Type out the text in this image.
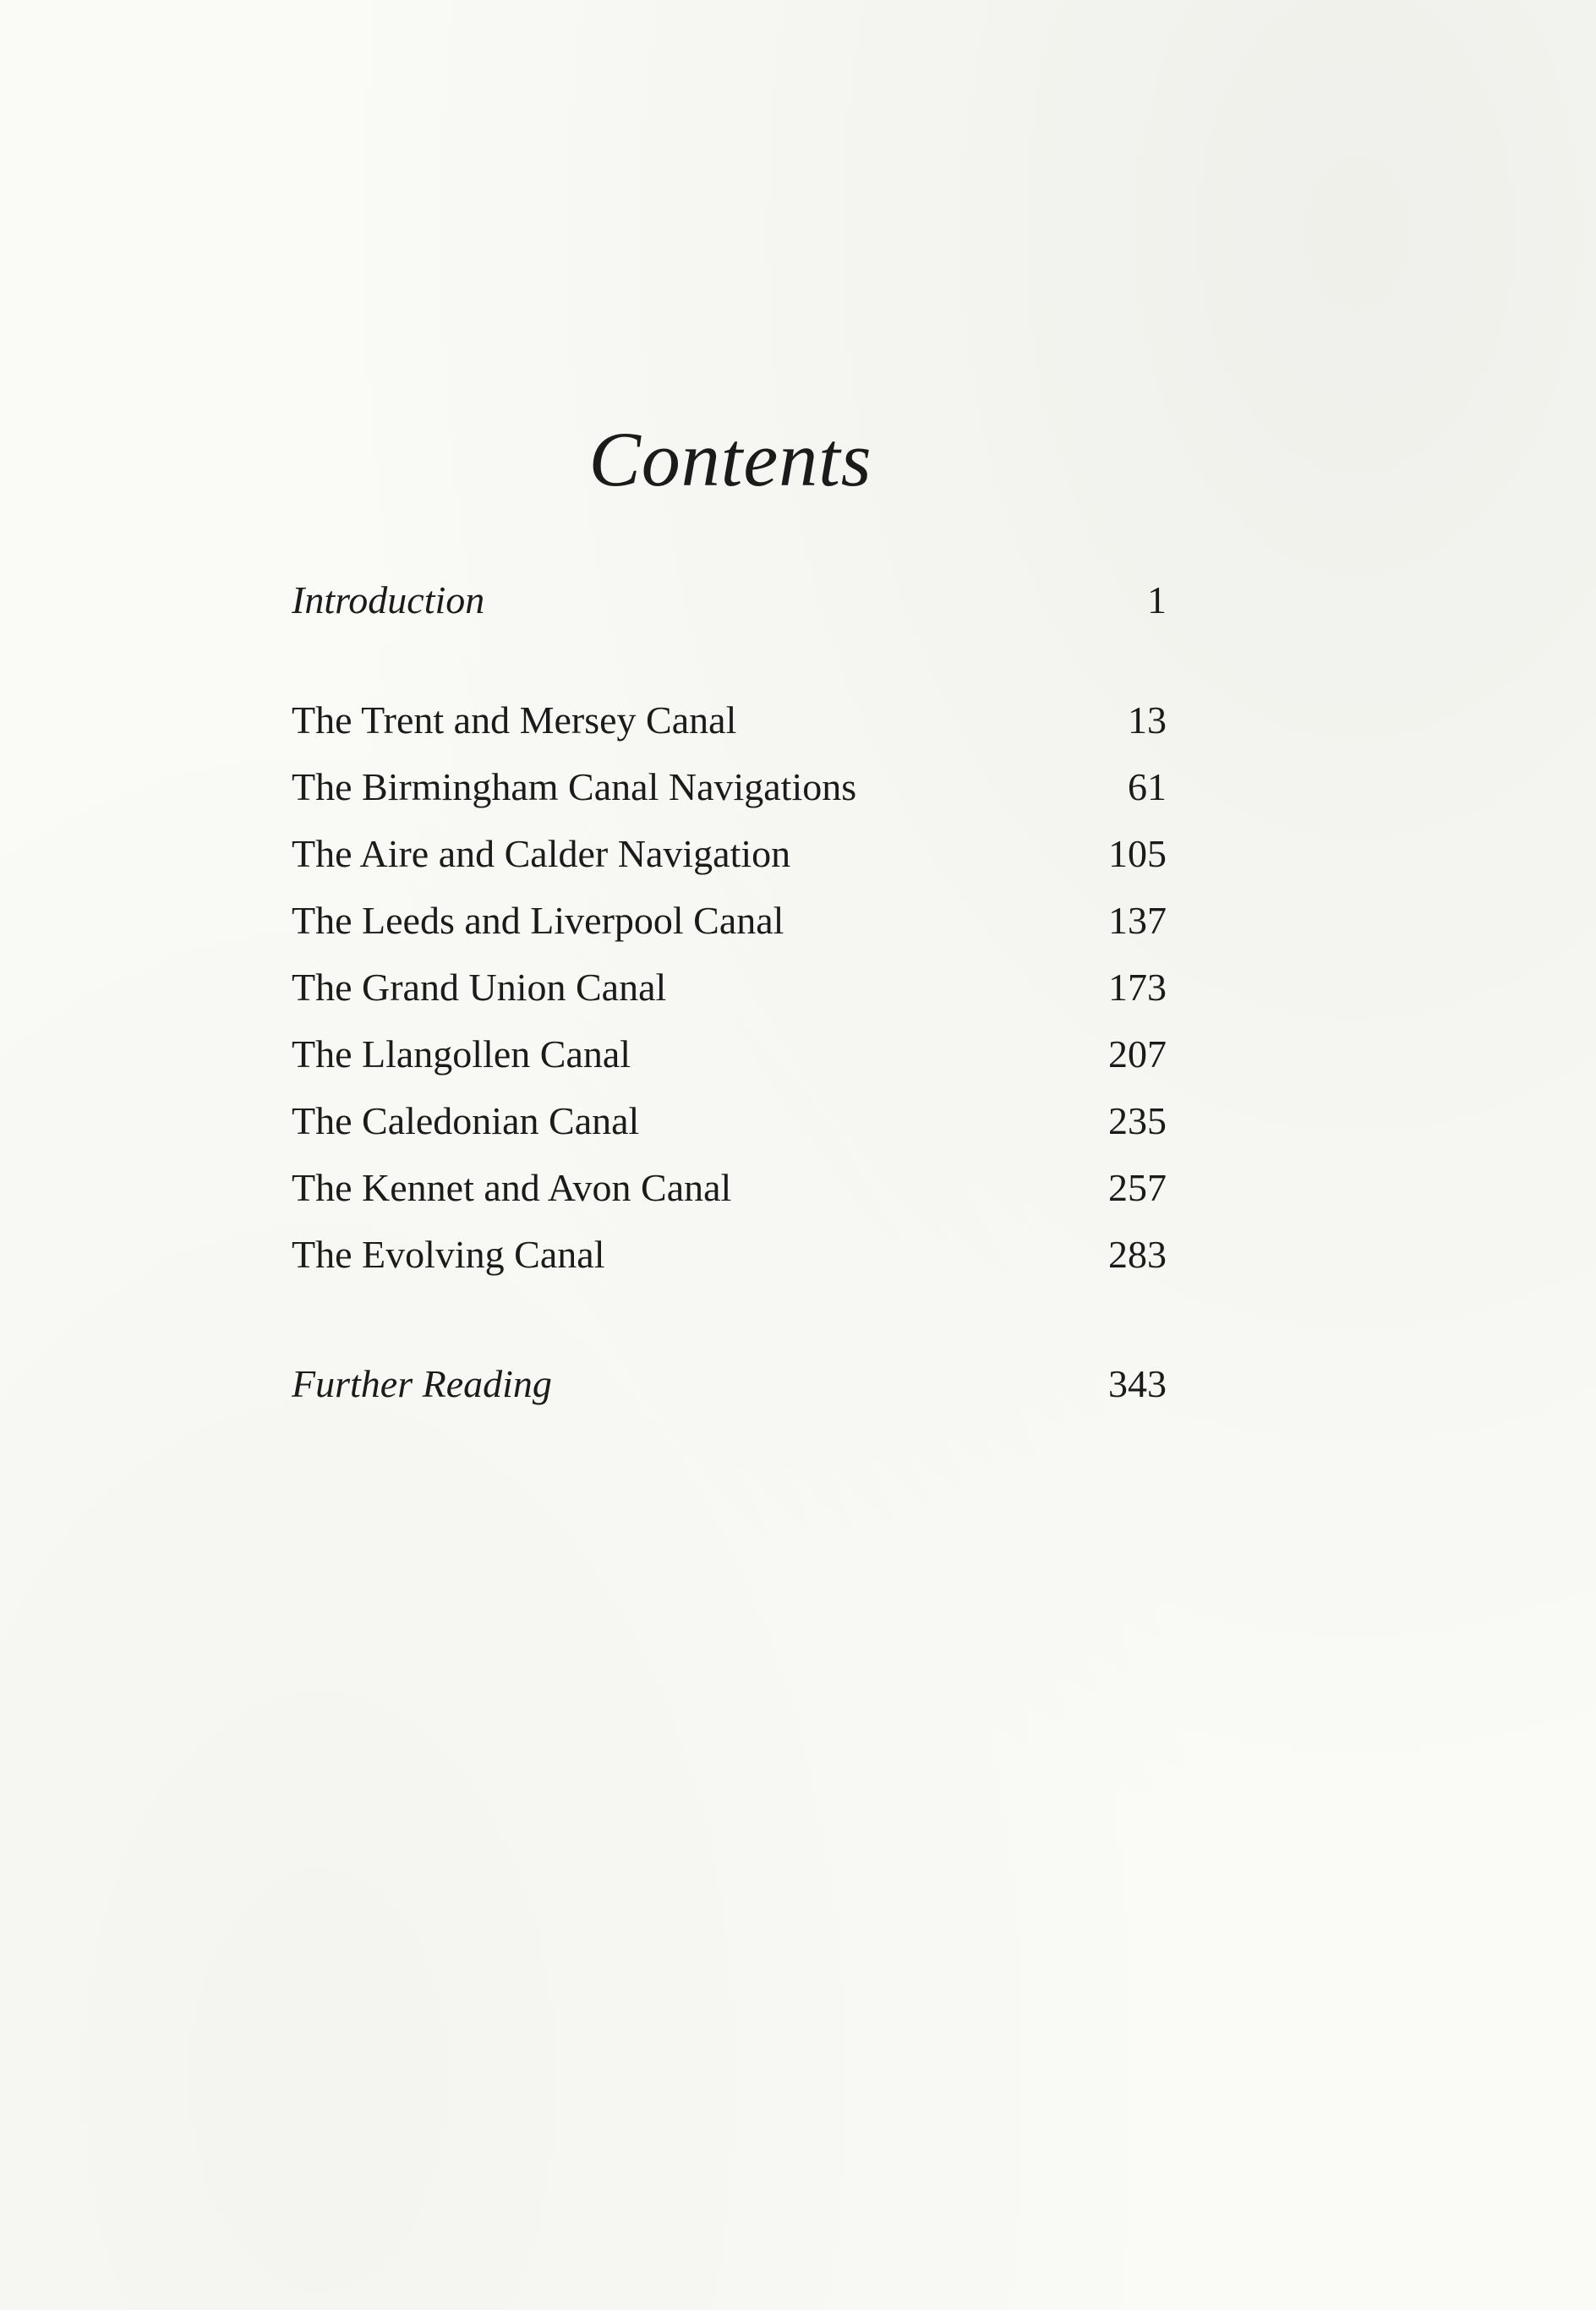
Contents
Introduction	1
The Trent and Mersey Canal	13
The Birmingham Canal Navigations	61
The Aire and Calder Navigation	105
The Leeds and Liverpool Canal	137
The Grand Union Canal	173
The Llangollen Canal	207
The Caledonian Canal	235
The Kennet and Avon Canal	257
The Evolving Canal	283
Further Reading	343
